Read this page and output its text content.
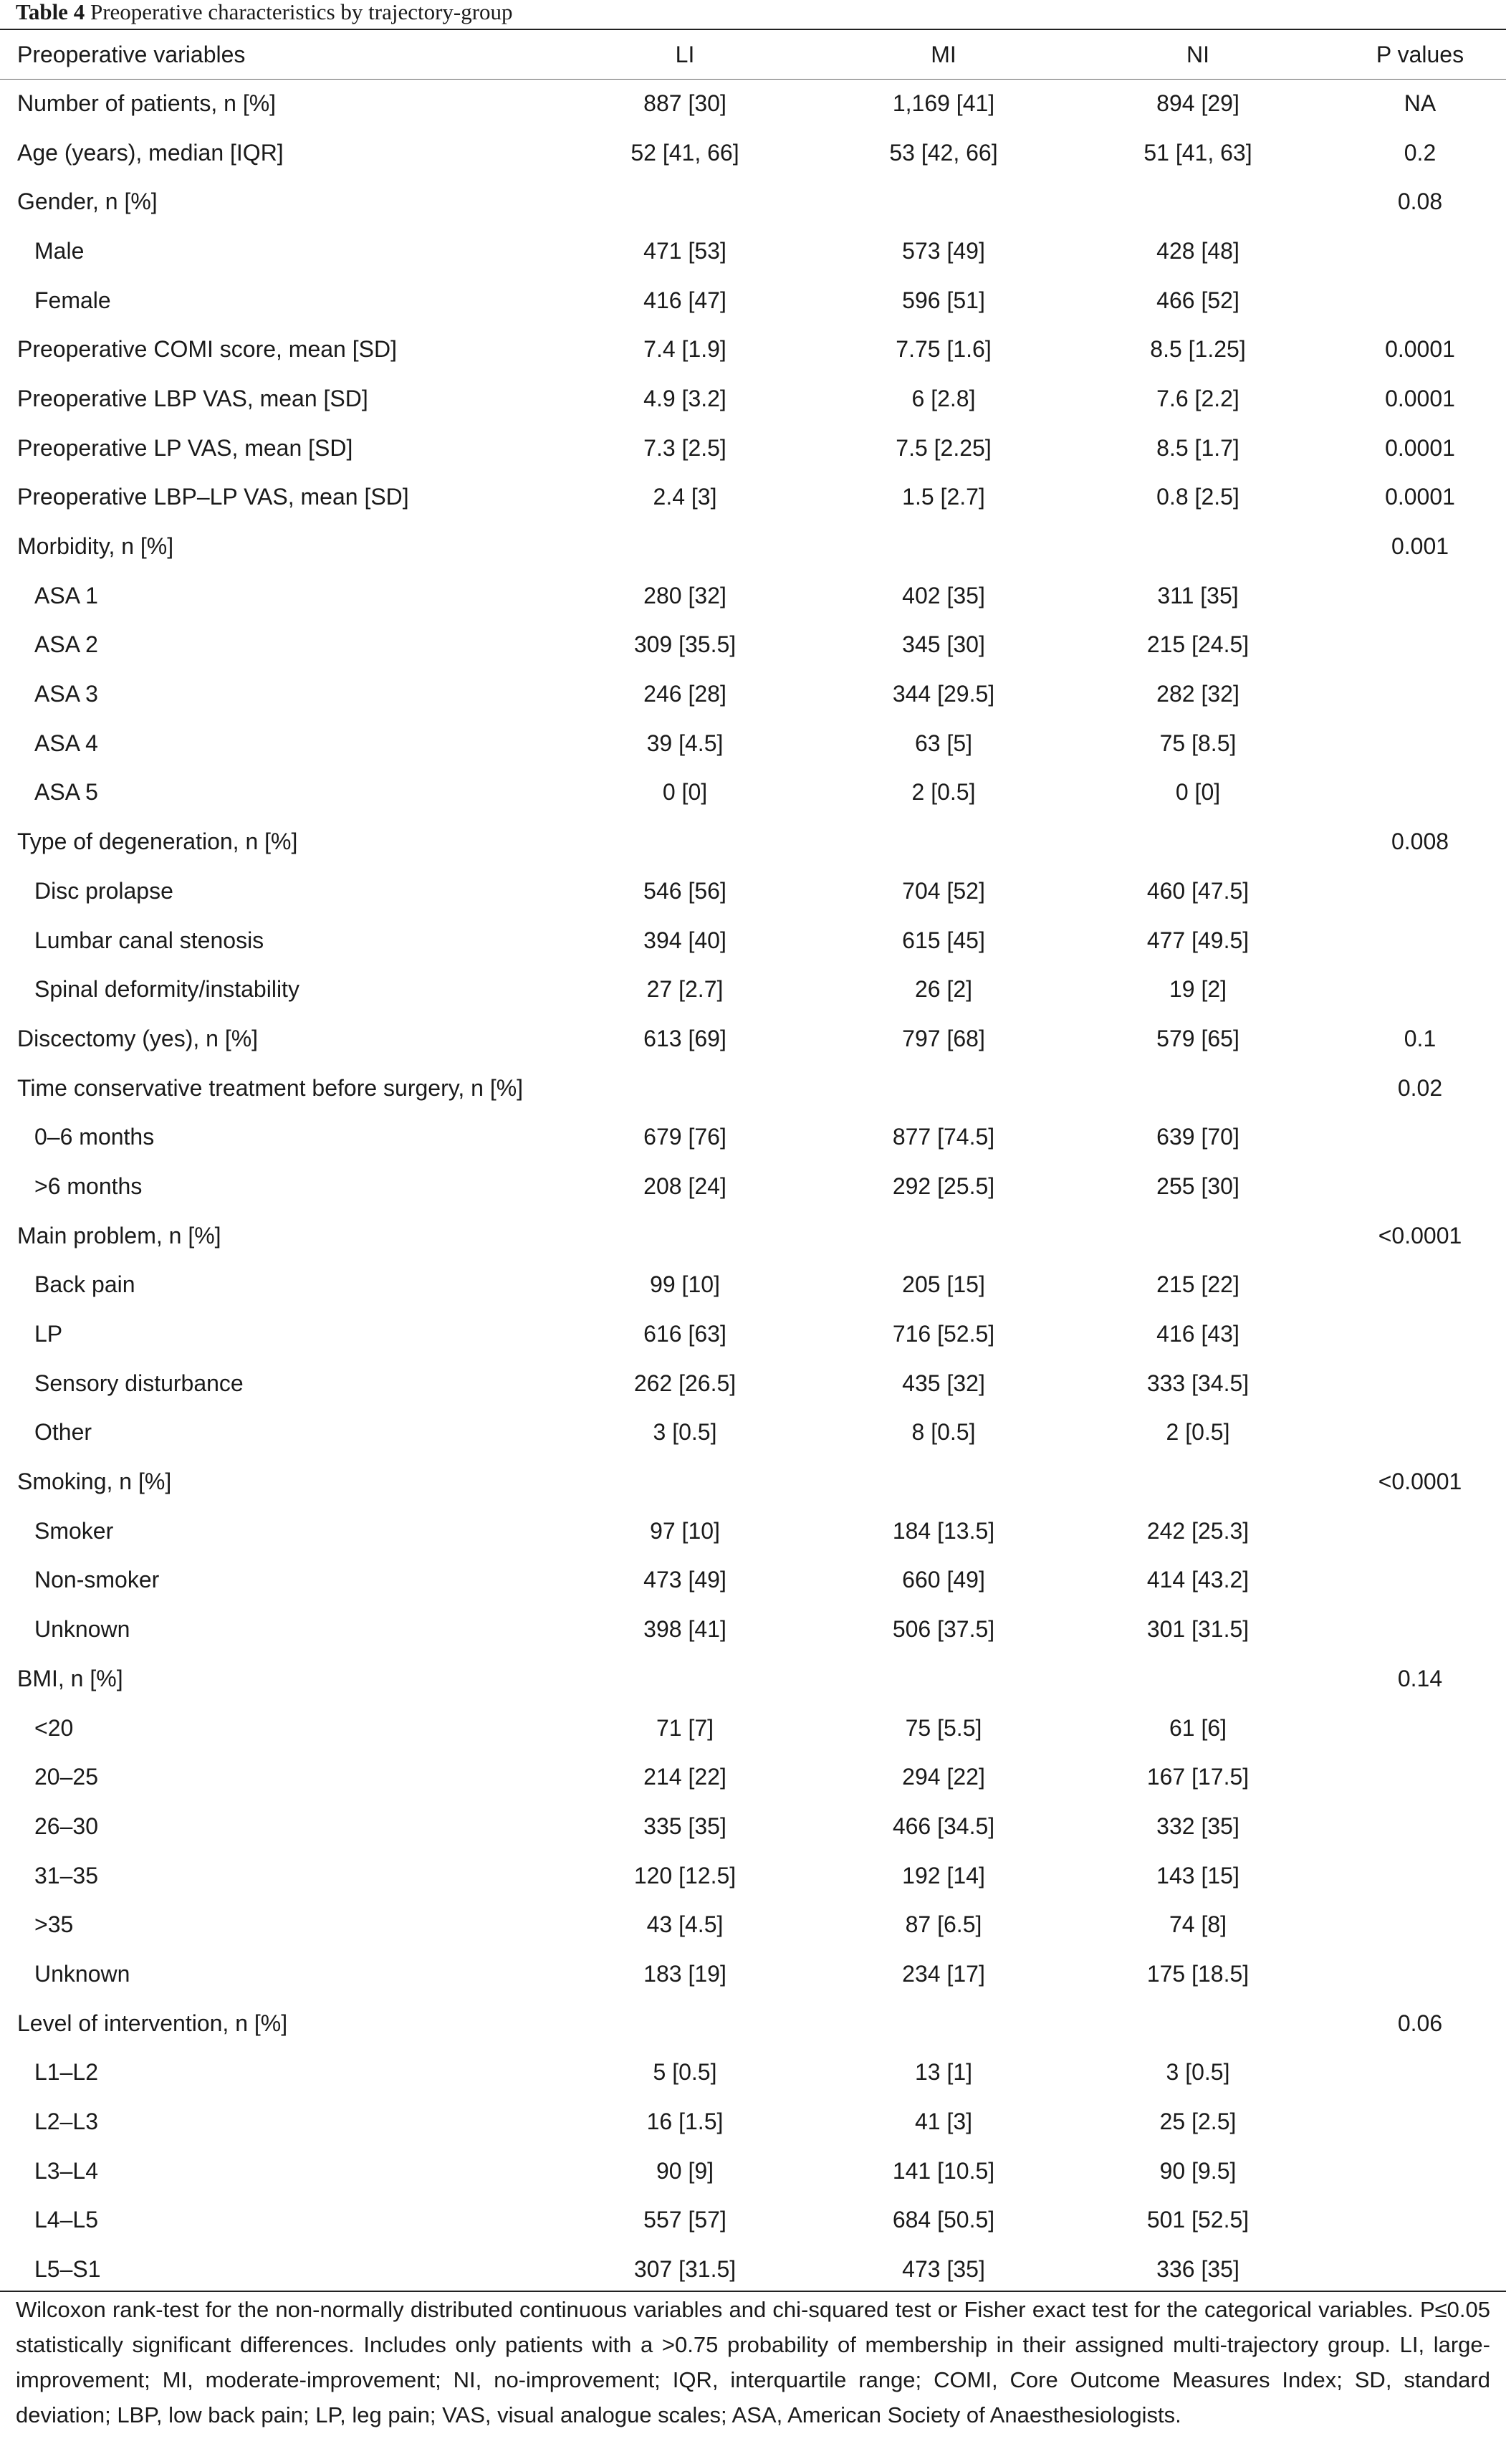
Table 4 Preoperative characteristics by trajectory-group
Preoperative variables	LI	MI	NI	P values
Number of patients, n [%]	887 [30]	1,169 [41]	894 [29]	NA
Age (years), median [IQR]	52 [41, 66]	53 [42, 66]	51 [41, 63]	0.2
Gender, n [%]				0.08
Male	471 [53]	573 [49]	428 [48]	
Female	416 [47]	596 [51]	466 [52]	
Preoperative COMI score, mean [SD]	7.4 [1.9]	7.75 [1.6]	8.5 [1.25]	0.0001
Preoperative LBP VAS, mean [SD]	4.9 [3.2]	6 [2.8]	7.6 [2.2]	0.0001
Preoperative LP VAS, mean [SD]	7.3 [2.5]	7.5 [2.25]	8.5 [1.7]	0.0001
Preoperative LBP–LP VAS, mean [SD]	2.4 [3]	1.5 [2.7]	0.8 [2.5]	0.0001
Morbidity, n [%]				0.001
ASA 1	280 [32]	402 [35]	311 [35]	
ASA 2	309 [35.5]	345 [30]	215 [24.5]	
ASA 3	246 [28]	344 [29.5]	282 [32]	
ASA 4	39 [4.5]	63 [5]	75 [8.5]	
ASA 5	0 [0]	2 [0.5]	0 [0]	
Type of degeneration, n [%]				0.008
Disc prolapse	546 [56]	704 [52]	460 [47.5]	
Lumbar canal stenosis	394 [40]	615 [45]	477 [49.5]	
Spinal deformity/instability	27 [2.7]	26 [2]	19 [2]	
Discectomy (yes), n [%]	613 [69]	797 [68]	579 [65]	0.1
Time conservative treatment before surgery, n [%]				0.02
0–6 months	679 [76]	877 [74.5]	639 [70]	
>6 months	208 [24]	292 [25.5]	255 [30]	
Main problem, n [%]				<0.0001
Back pain	99 [10]	205 [15]	215 [22]	
LP	616 [63]	716 [52.5]	416 [43]	
Sensory disturbance	262 [26.5]	435 [32]	333 [34.5]	
Other	3 [0.5]	8 [0.5]	2 [0.5]	
Smoking, n [%]				<0.0001
Smoker	97 [10]	184 [13.5]	242 [25.3]	
Non-smoker	473 [49]	660 [49]	414 [43.2]	
Unknown	398 [41]	506 [37.5]	301 [31.5]	
BMI, n [%]				0.14
<20	71 [7]	75 [5.5]	61 [6]	
20–25	214 [22]	294 [22]	167 [17.5]	
26–30	335 [35]	466 [34.5]	332 [35]	
31–35	120 [12.5]	192 [14]	143 [15]	
>35	43 [4.5]	87 [6.5]	74 [8]	
Unknown	183 [19]	234 [17]	175 [18.5]	
Level of intervention, n [%]				0.06
L1–L2	5 [0.5]	13 [1]	3 [0.5]	
L2–L3	16 [1.5]	41 [3]	25 [2.5]	
L3–L4	90 [9]	141 [10.5]	90 [9.5]	
L4–L5	557 [57]	684 [50.5]	501 [52.5]	
L5–S1	307 [31.5]	473 [35]	336 [35]	
Wilcoxon rank-test for the non-normally distributed continuous variables and chi-squared test or Fisher exact test for the categorical variables. P≤0.05 statistically significant differences. Includes only patients with a >0.75 probability of membership in their assigned multi-trajectory group. LI, large-improvement; MI, moderate-improvement; NI, no-improvement; IQR, interquartile range; COMI, Core Outcome Measures Index; SD, standard deviation; LBP, low back pain; LP, leg pain; VAS, visual analogue scales; ASA, American Society of Anaesthesiologists.
